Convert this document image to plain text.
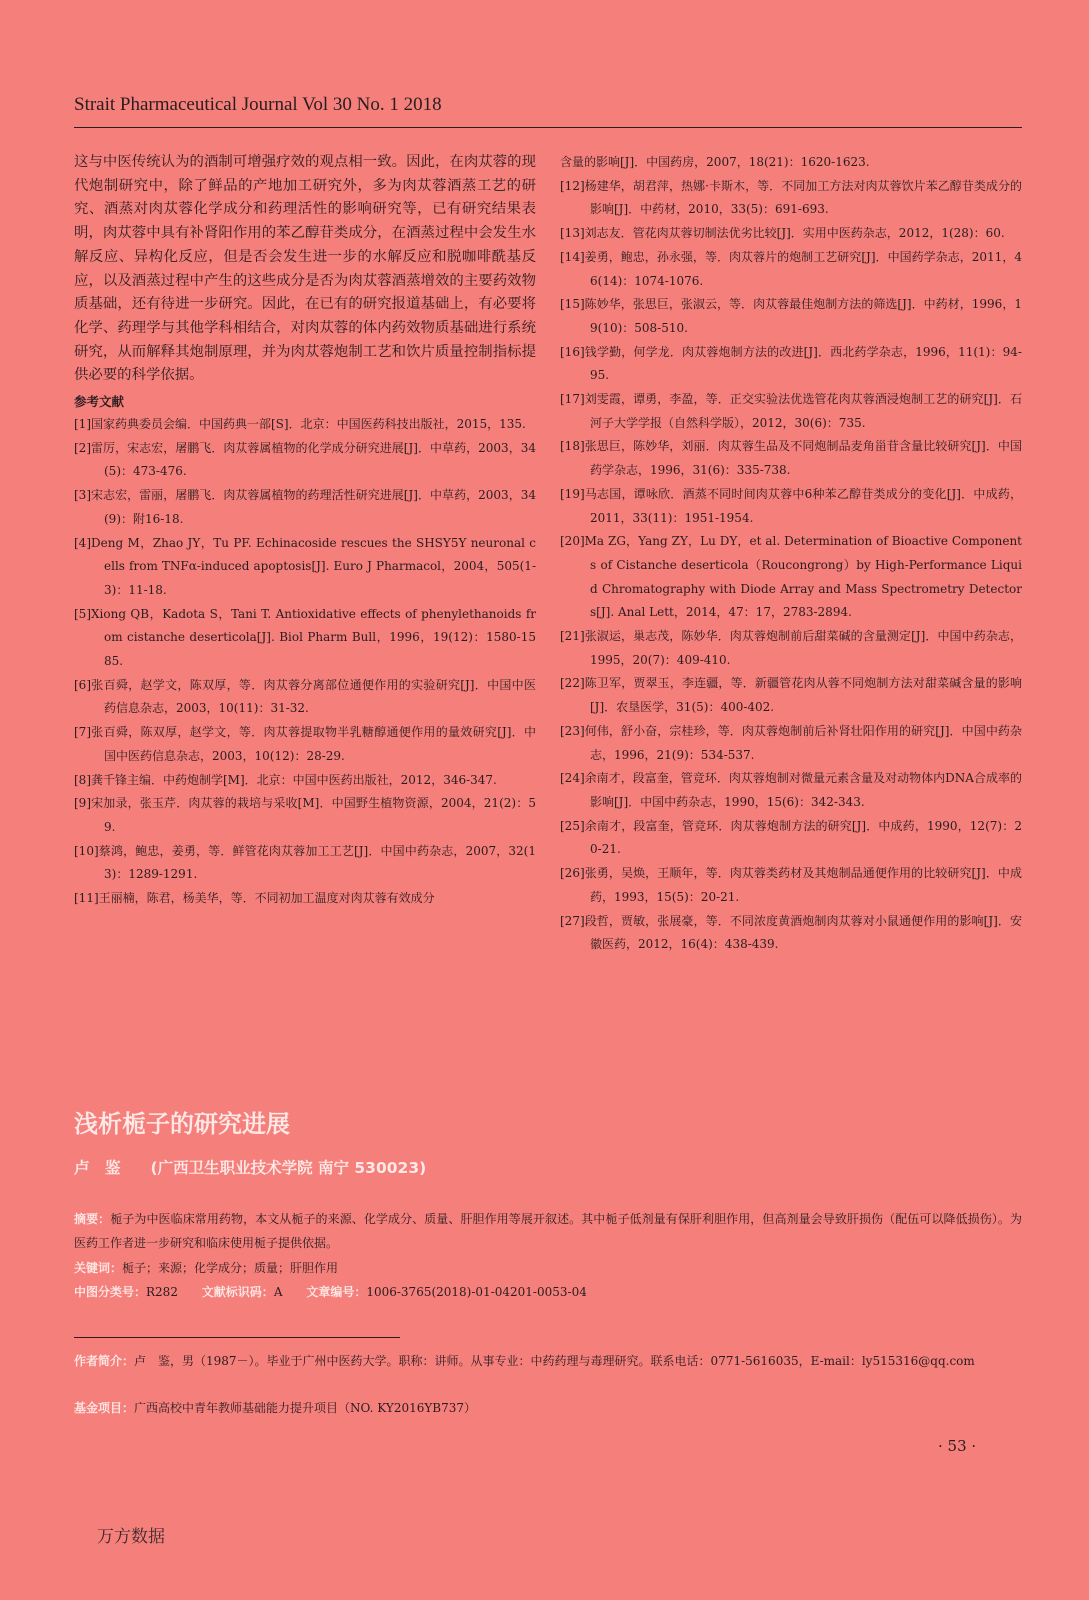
Strait Pharmaceutical Journal Vol 30 No. 1 2018

这与中医传统认为的酒制可增强疗效的观点相一致。因此，在肉苁蓉的现代炮制研究中，除了鲜品的产地加工研究外，多为肉苁蓉酒蒸工艺的研究、酒蒸对肉苁蓉化学成分和药理活性的影响研究等，已有研究结果表明，肉苁蓉中具有补肾阳作用的苯乙醇苷类成分，在酒蒸过程中会发生水解反应、异构化反应，但是否会发生进一步的水解反应和脱咖啡酰基反应，以及酒蒸过程中产生的这些成分是否为肉苁蓉酒蒸增效的主要药效物质基础，还有待进一步研究。因此，在已有的研究报道基础上，有必要将化学、药理学与其他学科相结合，对肉苁蓉的体内药效物质基础进行系统研究，从而解释其炮制原理，并为肉苁蓉炮制工艺和饮片质量控制指标提供必要的科学依据。

参考文献

[1]国家药典委员会编．中国药典一部[S]．北京：中国医药科技出版社，2015，135.

[2]雷厉，宋志宏，屠鹏飞．肉苁蓉属植物的化学成分研究进展[J]．中草药，2003，34(5)：473-476.

[3]宋志宏，雷丽，屠鹏飞．肉苁蓉属植物的药理活性研究进展[J]．中草药，2003，34(9)：附16-18.

[4]Deng M，Zhao JY，Tu PF. Echinacoside rescues the SHSY5Y neuronal cells from TNFα-induced apoptosis[J]. Euro J Pharmacol，2004，505(1-3)：11-18.

[5]Xiong QB，Kadota S，Tani T. Antioxidative effects of phenylethanoids from cistanche deserticola[J]. Biol Pharm Bull，1996，19(12)：1580-1585.

[6]张百舜，赵学文，陈双厚，等．肉苁蓉分离部位通便作用的实验研究[J]．中国中医药信息杂志，2003，10(11)：31-32.

[7]张百舜，陈双厚，赵学文，等．肉苁蓉提取物半乳糖醇通便作用的量效研究[J]．中国中医药信息杂志，2003，10(12)：28-29.

[8]龚千锋主编．中药炮制学[M]．北京：中国中医药出版社，2012，346-347.

[9]宋加录，张玉芹．肉苁蓉的栽培与采收[M]．中国野生植物资源，2004，21(2)：59.

[10]蔡鸿，鲍忠，姜勇，等．鲜管花肉苁蓉加工工艺[J]．中国中药杂志，2007，32(13)：1289-1291.

[11]王丽楠，陈君，杨美华，等．不同初加工温度对肉苁蓉有效成分

含量的影响[J]．中国药房，2007，18(21)：1620-1623.

[12]杨建华，胡君萍，热娜·卡斯木，等．不同加工方法对肉苁蓉饮片苯乙醇苷类成分的影响[J]．中药材，2010，33(5)：691-693.

[13]刘志友．管花肉苁蓉切制法优劣比较[J]．实用中医药杂志，2012，1(28)：60.

[14]姜勇，鲍忠，孙永强，等．肉苁蓉片的炮制工艺研究[J]．中国药学杂志，2011，46(14)：1074-1076.

[15]陈妙华，张思巨，张淑云，等．肉苁蓉最佳炮制方法的筛选[J]．中药材，1996，19(10)：508-510.

[16]钱学勤，何学龙．肉苁蓉炮制方法的改进[J]．西北药学杂志，1996，11(1)：94-95.

[17]刘雯霞，谭勇，李盈，等．正交实验法优选管花肉苁蓉酒浸炮制工艺的研究[J]．石河子大学学报（自然科学版），2012，30(6)：735.

[18]张思巨，陈妙华，刘丽．肉苁蓉生品及不同炮制品麦角甾苷含量比较研究[J]．中国药学杂志，1996，31(6)：335-738.

[19]马志国，谭咏欣．酒蒸不同时间肉苁蓉中6种苯乙醇苷类成分的变化[J]．中成药，2011，33(11)：1951-1954.

[20]Ma ZG，Yang ZY，Lu DY，et al. Determination of Bioactive Components of Cistanche deserticola（Roucongrong）by High-Performance Liquid Chromatography with Diode Array and Mass Spectrometry Detectors[J]. Anal Lett，2014，47：17，2783-2894.

[21]张淑运，巢志茂，陈妙华．肉苁蓉炮制前后甜菜碱的含量测定[J]．中国中药杂志，1995，20(7)：409-410.

[22]陈卫军，贾翠玉，李连疆，等．新疆管花肉从蓉不同炮制方法对甜菜碱含量的影响[J]．农垦医学，31(5)：400-402.

[23]何伟，舒小奋，宗桂珍，等．肉苁蓉炮制前后补肾壮阳作用的研究[J]．中国中药杂志，1996，21(9)：534-537.

[24]余南才，段富奎，管竞环．肉苁蓉炮制对微量元素含量及对动物体内DNA合成率的影响[J]．中国中药杂志，1990，15(6)：342-343.

[25]余南才，段富奎，管竞环．肉苁蓉炮制方法的研究[J]．中成药，1990，12(7)：20-21.

[26]张勇，吴焕，王顺年，等．肉苁蓉类药材及其炮制品通便作用的比较研究[J]．中成药，1993，15(5)：20-21.

[27]段哲，贾敏，张展豪，等．不同浓度黄酒炮制肉苁蓉对小鼠通便作用的影响[J]．安徽医药，2012，16(4)：438-439.

浅析栀子的研究进展
卢　鉴 (广西卫生职业技术学院 南宁 530023)

摘要：栀子为中医临床常用药物，本文从栀子的来源、化学成分、质量、肝胆作用等展开叙述。其中栀子低剂量有保肝利胆作用，但高剂量会导致肝损伤（配伍可以降低损伤）。为医药工作者进一步研究和临床使用栀子提供依据。

关键词：栀子；来源；化学成分；质量；肝胆作用
中图分类号：R282 文献标识码：A 文章编号：1006-3765(2018)-01-04201-0053-04

作者简介：卢　鉴，男（1987－）。毕业于广州中医药大学。职称：讲师。从事专业：中药药理与毒理研究。联系电话：0771-5616035，E-mail：ly515316@qq.com

基金项目：广西高校中青年教师基础能力提升项目（NO. KY2016YB737）

· 53 ·
万方数据
